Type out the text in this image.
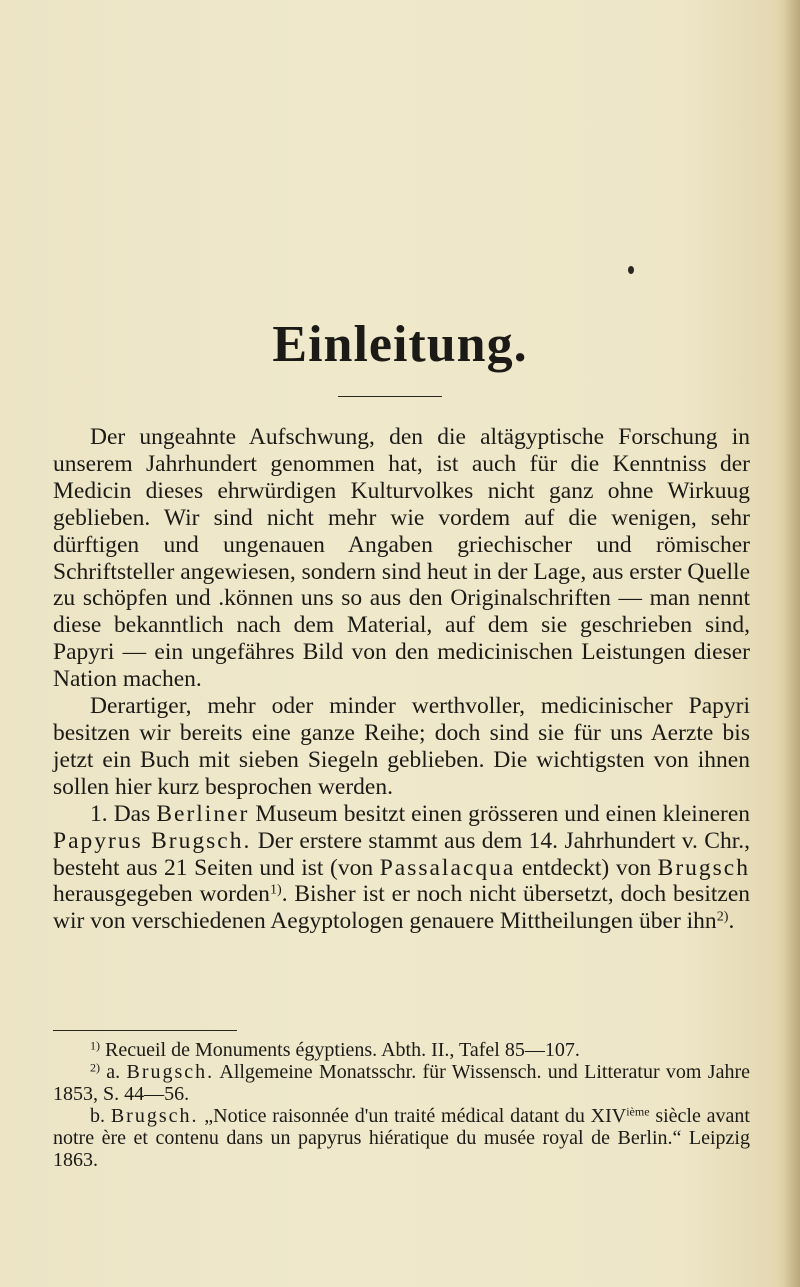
Einleitung.

Der ungeahnte Aufschwung, den die altägyptische Forschung in unserem Jahrhundert genommen hat, ist auch für die Kenntniss der Medicin dieses ehrwürdigen Kulturvolkes nicht ganz ohne Wirkuug geblieben. Wir sind nicht mehr wie vordem auf die wenigen, sehr dürftigen und ungenauen Angaben griechischer und römischer Schriftsteller angewiesen, sondern sind heut in der Lage, aus erster Quelle zu schöpfen und .können uns so aus den Originalschriften — man nennt diese bekanntlich nach dem Material, auf dem sie geschrieben sind, Papyri — ein ungefähres Bild von den medicinischen Leistungen dieser Nation machen.

Derartiger, mehr oder minder werthvoller, medicinischer Papyri besitzen wir bereits eine ganze Reihe; doch sind sie für uns Aerzte bis jetzt ein Buch mit sieben Siegeln geblieben. Die wichtigsten von ihnen sollen hier kurz besprochen werden.

1. Das Berliner Museum besitzt einen grösseren und einen kleineren Papyrus Brugsch. Der erstere stammt aus dem 14. Jahrhundert v. Chr., besteht aus 21 Seiten und ist (von Passalacqua entdeckt) von Brugsch herausgegeben worden$^{1)}$. Bisher ist er noch nicht übersetzt, doch besitzen wir von verschiedenen Aegyptologen genauere Mittheilungen über ihn$^{2)}$.

$^{1)}$ Recueil de Monuments égyptiens. Abth. II., Tafel 85—107.

$^{2)}$ a. Brugsch. Allgemeine Monatsschr. für Wissensch. und Litteratur vom Jahre 1853, S. 44—56.

b. Brugsch. „Notice raisonnée d'un traité médical datant du XIVième siècle avant notre ère et contenu dans un papyrus hiératique du musée royal de Berlin.“ Leipzig 1863.
